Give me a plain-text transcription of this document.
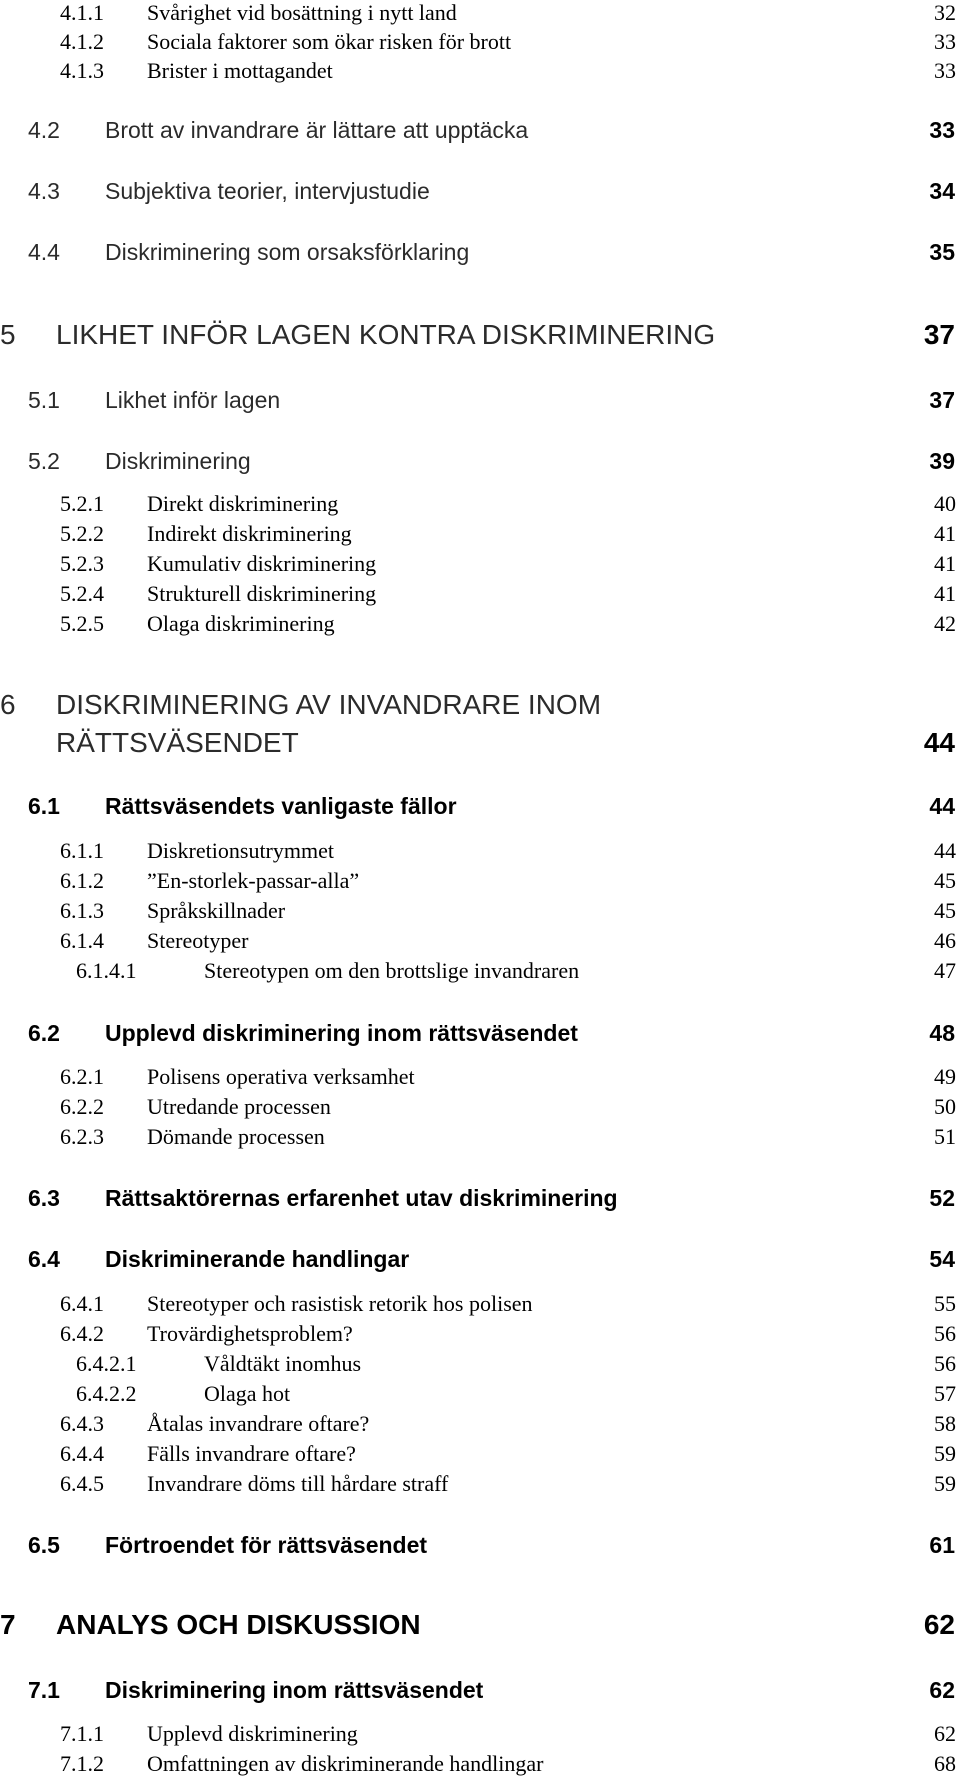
4.1.1 Svårighet vid bosättning i nytt land	32
4.1.2 Sociala faktorer som ökar risken för brott	33
4.1.3 Brister i mottagandet	33
4.2 Brott av invandrare är lättare att upptäcka	33
4.3 Subjektiva teorier, intervjustudie	34
4.4 Diskriminering som orsaksförklaring	35
5 LIKHET INFÖR LAGEN KONTRA DISKRIMINERING	37
5.1 Likhet inför lagen	37
5.2 Diskriminering	39
5.2.1 Direkt diskriminering	40
5.2.2 Indirekt diskriminering	41
5.2.3 Kumulativ diskriminering	41
5.2.4 Strukturell diskriminering	41
5.2.5 Olaga diskriminering	42
6 DISKRIMINERING AV INVANDRARE INOM
RÄTTSVÄSENDET	44
6.1 Rättsväsendets vanligaste fällor	44
6.1.1 Diskretionsutrymmet	44
6.1.2 ”En-storlek-passar-alla”	45
6.1.3 Språkskillnader	45
6.1.4 Stereotyper	46
6.1.4.1	Stereotypen om den brottslige invandraren	47
6.2 Upplevd diskriminering inom rättsväsendet	48
6.2.1 Polisens operativa verksamhet	49
6.2.2 Utredande processen	50
6.2.3 Dömande processen	51
6.3 Rättsaktörernas erfarenhet utav diskriminering	52
6.4 Diskriminerande handlingar	54
6.4.1 Stereotyper och rasistisk retorik hos polisen	55
6.4.2 Trovärdighetsproblem?	56
6.4.2.1	Våldtäkt inomhus	56
6.4.2.2	Olaga hot	57
6.4.3 Åtalas invandrare oftare?	58
6.4.4 Fälls invandrare oftare?	59
6.4.5 Invandrare döms till hårdare straff	59
6.5 Förtroendet för rättsväsendet	61
7 ANALYS OCH DISKUSSION	62
7.1 Diskriminering inom rättsväsendet	62
7.1.1 Upplevd diskriminering	62
7.1.2 Omfattningen av diskriminerande handlingar	68
